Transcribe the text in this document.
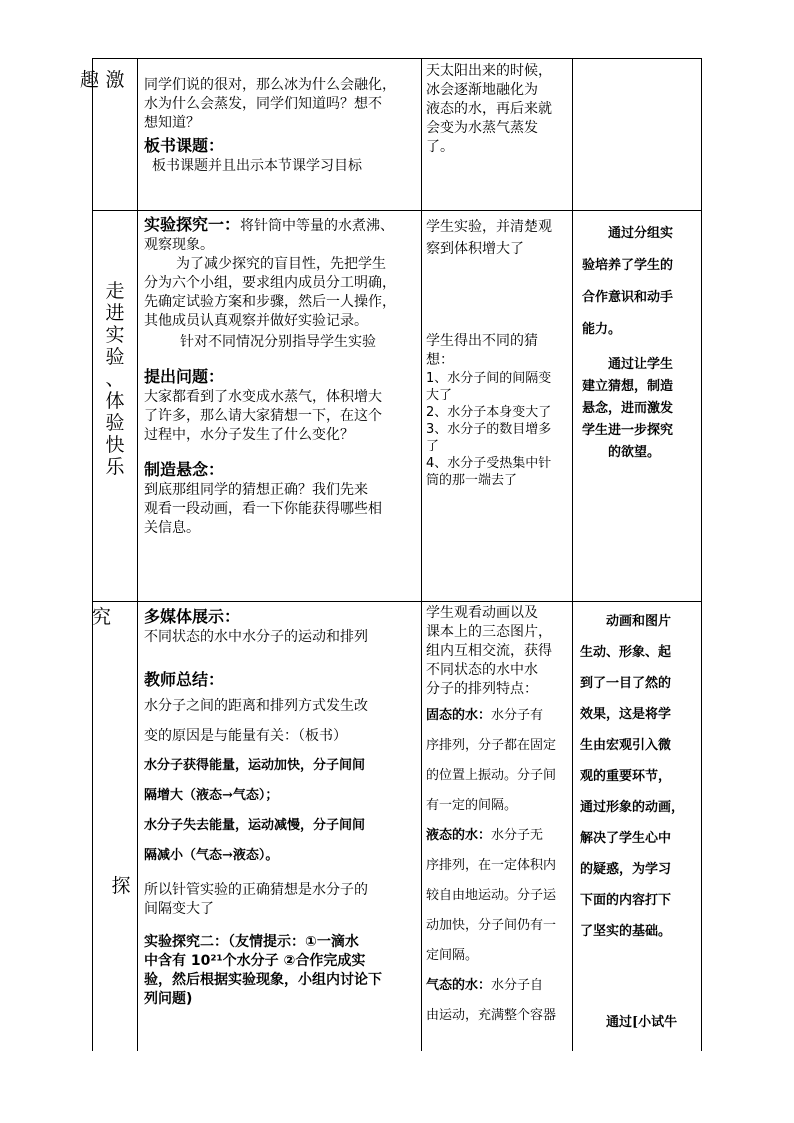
趣 激
走
进
实
验
、
体
验
快
乐
究
探

同学们说的很对，那么冰为什么会融化，

水为什么会蒸发，同学们知道吗？想不

想知道？

板书课题：

板书课题并且出示本节课学习目标

天太阳出来的时候，

冰会逐渐地融化为

液态的水，再后来就

会变为水蒸气蒸发

了。

实验探究一：将针筒中等量的水煮沸、

观察现象。

为了减少探究的盲目性，先把学生

分为六个小组，要求组内成员分工明确，

先确定试验方案和步骤，然后一人操作，

其他成员认真观察并做好实验记录。

针对不同情况分别指导学生实验

提出问题：

大家都看到了水变成水蒸气，体积增大

了许多，那么请大家猜想一下，在这个

过程中，水分子发生了什么变化？

制造悬念：

到底那组同学的猜想正确？我们先来

观看一段动画，看一下你能获得哪些相

关信息。

学生实验，并清楚观

察到体积增大了

学生得出不同的猜

想：

1、水分子间的间隔变

大了

2、水分子本身变大了

3、水分子的数目增多

了

4、水分子受热集中针

筒的那一端去了

通过分组实

验培养了学生的

合作意识和动手

能力。

通过让学生

建立猜想，制造

悬念，进而激发

学生进一步探究

的欲望。

多媒体展示：

不同状态的水中水分子的运动和排列

教师总结：

水分子之间的距离和排列方式发生改

变的原因是与能量有关：（板书）

水分子获得能量，运动加快，分子间间

隔增大（液态→气态）；

水分子失去能量，运动减慢，分子间间

隔减小（气态→液态）。

所以针管实验的正确猜想是水分子的

间隔变大了

实验探究二：（友情提示：①一滴水

中含有 10²¹个水分子 ②合作完成实

验，然后根据实验现象，小组内讨论下

列问题)

学生观看动画以及

课本上的三态图片，

组内互相交流，获得

不同状态的水中水

分子的排列特点：

固态的水：水分子有

序排列，分子都在固定

的位置上振动。分子间

有一定的间隔。

液态的水：水分子无

序排列，在一定体积内

较自由地运动。分子运

动加快，分子间仍有一

定间隔。

气态的水：水分子自

由运动，充满整个容器

动画和图片

生动、形象、起

到了一目了然的

效果，这是将学

生由宏观引入微

观的重要环节，

通过形象的动画，

解决了学生心中

的疑惑，为学习

下面的内容打下

了坚实的基础。

通过[小试牛
